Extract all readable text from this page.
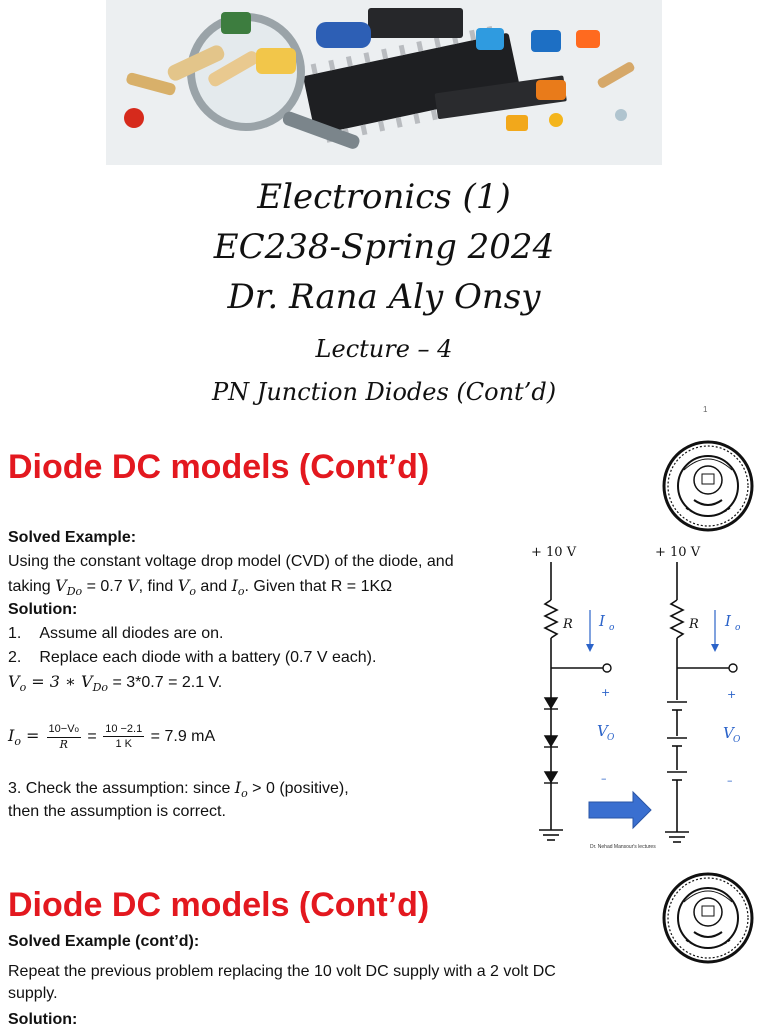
Electronics (1)
EC238-Spring 2024
Dr. Rana Aly Onsy
Lecture – 4
PN Junction Diodes (Cont’d)
1
Diode DC models (Cont’d)
Solved Example:
Using the constant voltage drop model (CVD) of the diode, and
taking $V_{Do} = 0.7$ V, find $V_o$ and $I_o$. Given that R = 1KΩ
Solution:
1. Assume all diodes are on.
2. Replace each diode with a battery (0.7 V each).
$V_o = 3$ ∗ $V_{Do} = 3*0.7 = 2.1$ V.
$I_o = \frac{10-Vo}{R} = \frac{10 -2.1}{1 K} = 7.9$ mA
3. Check the assumption: since $I_o > 0$ (positive),
then the assumption is correct.
+ 10 V	+ 10 V
R	R
I o	I o
V O	V O
+	+
–	–
Dr. Nehad Mansour's lectures
Diode DC models (Cont’d)
Solved Example (cont’d):
Repeat the previous problem replacing the 10 volt DC supply with a 2 volt DC
supply.
Solution:
